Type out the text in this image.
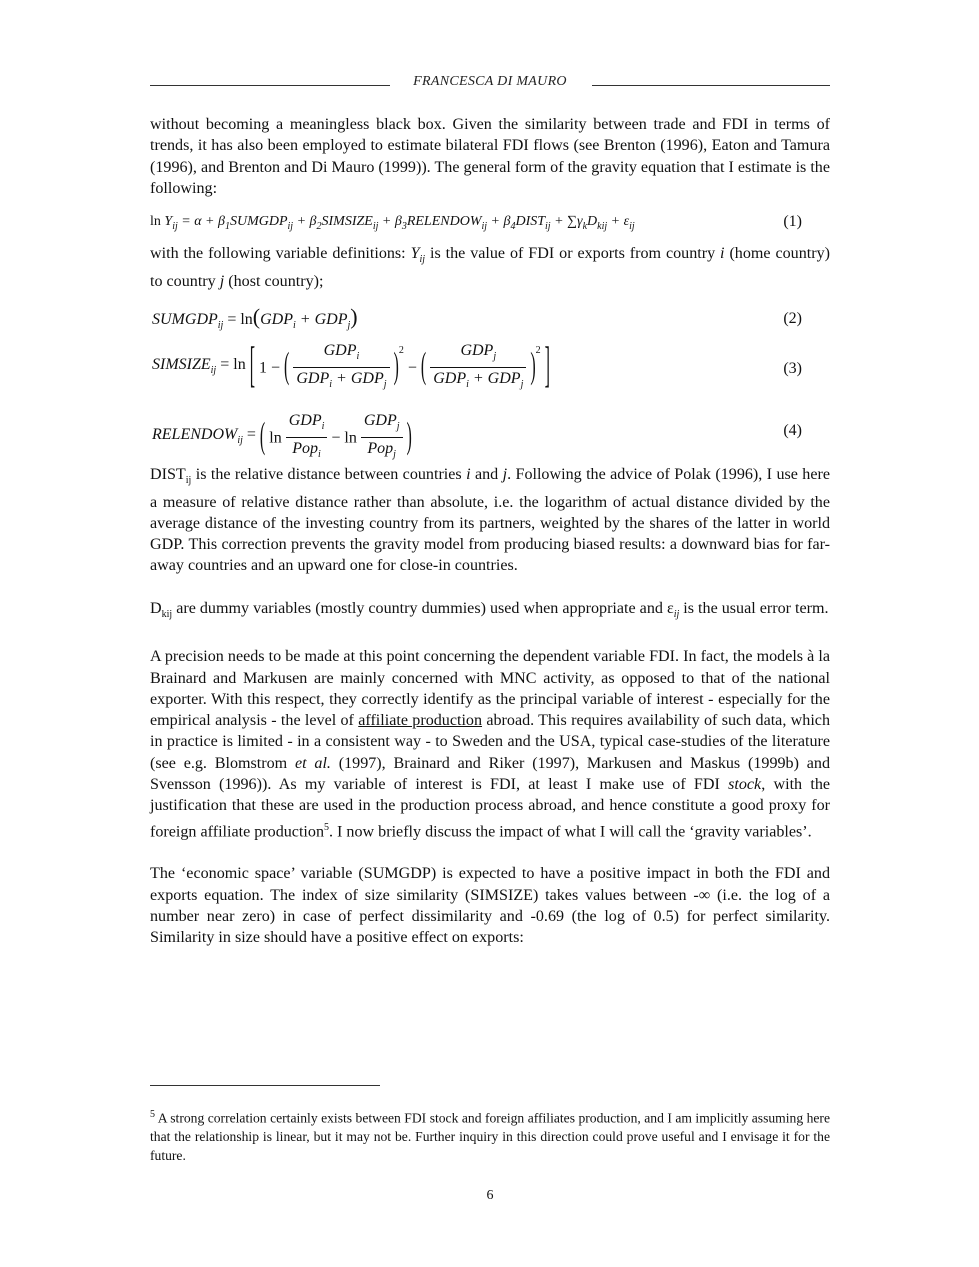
FRANCESCA DI MAURO

without becoming a meaningless black box. Given the similarity between trade and FDI in terms of trends, it has also been employed to estimate bilateral FDI flows (see Brenton (1996), Eaton and Tamura (1996), and Brenton and Di Mauro (1999)). The general form of the gravity equation that I estimate is the following:

$\ln Y_{ij} = \alpha$ + $\beta_1SUMGDP_{ij}$ + $\beta_2SIMSIZE_{ij}$ + $\beta_3RELENDOW_{ij}$ + $\beta_4DIST_{ij} + \sum\gamma_kD_{kij} + \varepsilon_{ij}$	(1)

with the following variable definitions: $Y_{ij}$ is the value of FDI or exports from country i (home country) to country j (host country);

$SUMGDP_{ij} = \ln(GDP_i + GDP_j)$	(2)
$SIMSIZE_{ij} = \ln$ [ 1 − ( $\frac{GDP_i}{GDP_i + GDP_j} )^2$ − ( $\frac{GDP_j}{GDP_i + GDP_j} )^2$ ]	(3)
$RELENDOW_{ij}$ = ( $\ln \frac{GDP_i}{Pop_i} - \ln \frac{GDP_j}{Pop_j}$ )	(4)

$DIST_{ij}$ is the relative distance between countries i and j. Following the advice of Polak (1996), I use here a measure of relative distance rather than absolute, i.e. the logarithm of actual distance divided by the average distance of the investing country from its partners, weighted by the shares of the latter in world GDP. This correction prevents the gravity model from producing biased results: a downward bias for far-away countries and an upward one for close-in countries.

$D_{kij}$ are dummy variables (mostly country dummies) used when appropriate and $\varepsilon_{ij}$ is the usual error term.

A precision needs to be made at this point concerning the dependent variable FDI. In fact, the models à la Brainard and Markusen are mainly concerned with MNC activity, as opposed to that of the national exporter. With this respect, they correctly identify as the principal variable of interest - especially for the empirical analysis - the level of affiliate production abroad. This requires availability of such data, which in practice is limited - in a consistent way - to Sweden and the USA, typical case-studies of the literature (see e.g. Blomstrom et al. (1997), Brainard and Riker (1997), Markusen and Maskus (1999b) and Svensson (1996)). As my variable of interest is FDI, at least I make use of FDI stock, with the justification that these are used in the production process abroad, and hence constitute a good proxy for foreign affiliate production$^5$. I now briefly discuss the impact of what I will call the ‘gravity variables’.

The ‘economic space’ variable (SUMGDP) is expected to have a positive impact in both the FDI and exports equation. The index of size similarity (SIMSIZE) takes values between -∞ (i.e. the log of a number near zero) in case of perfect dissimilarity and -0.69 (the log of 0.5) for perfect similarity. Similarity in size should have a positive effect on exports:

$^5$ A strong correlation certainly exists between FDI stock and foreign affiliates production, and I am implicitly assuming here that the relationship is linear, but it may not be. Further inquiry in this direction could prove useful and I envisage it for the future.
6
